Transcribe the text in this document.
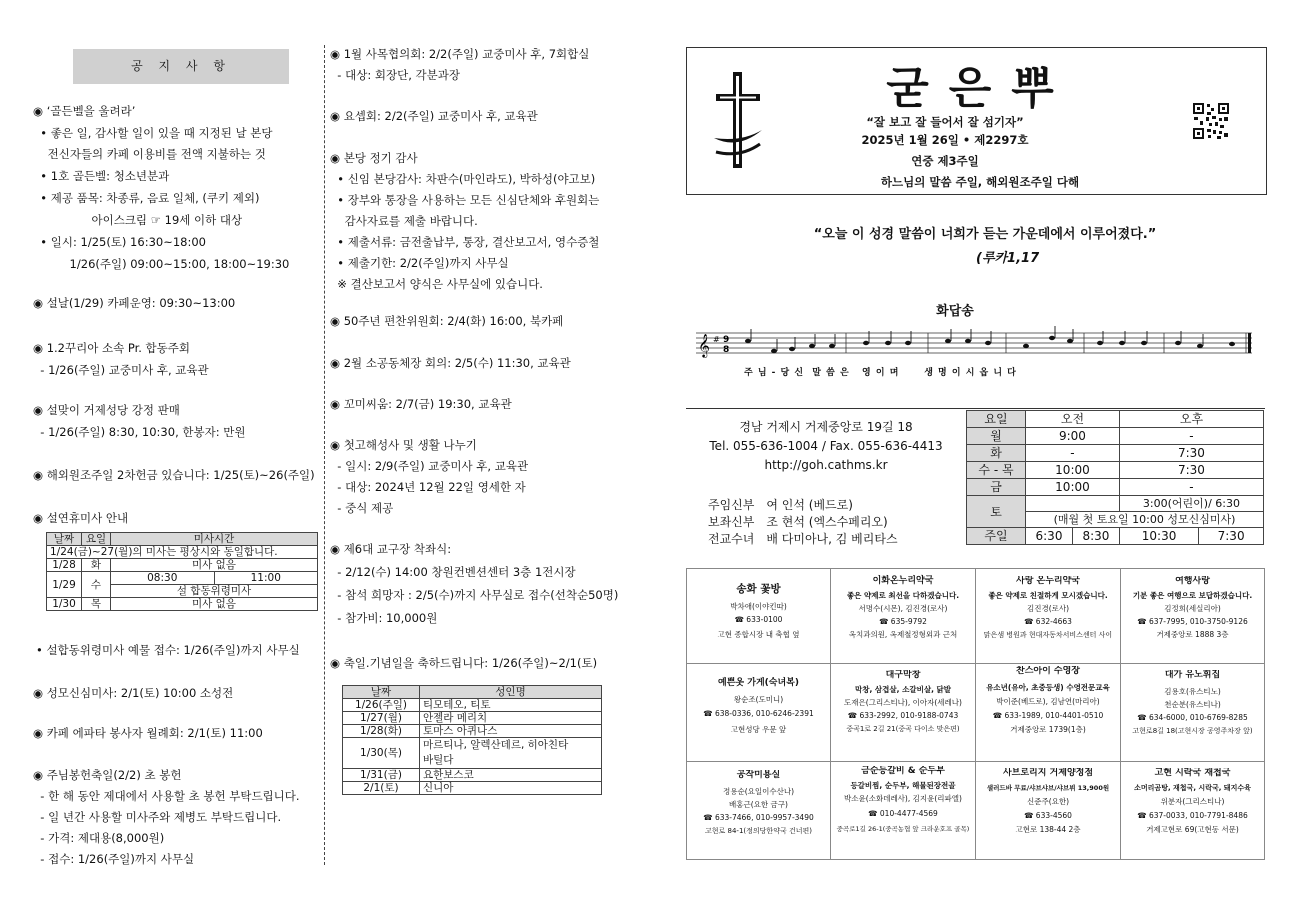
공 지 사 항
◉ ‘골든벨을 울려라’
• 좋은 일, 감사할 일이 있을 때 지정된 날 본당
전신자들의 카페 이용비를 전액 지불하는 것
• 1호 골든벨: 청소년분과
• 제공 품목: 차종류, 음료 일체, (쿠키 제외)
아이스크림 ☞ 19세 이하 대상
• 일시: 1/25(토) 16:30~18:00
1/26(주일) 09:00~15:00, 18:00~19:30
◉ 설날(1/29) 카페운영: 09:30~13:00
◉ 1.2꾸리아 소속 Pr. 합동주회
- 1/26(주일) 교중미사 후, 교육관
◉ 설맞이 거제성당 강정 판매
- 1/26(주일) 8:30, 10:30, 한봉자: 만원
◉ 해외원조주일 2차헌금 있습니다: 1/25(토)~26(주일)
◉ 설연휴미사 안내
날짜	요일	미사시간	
1/24(금)~27(월)의 미사는 평상시와 동일합니다.			
1/28	화	미사 없음	
1/29	수	08:30	11:00
		설 합동위령미사	
1/30	목	미사 없음	
• 설합동위령미사 예물 접수: 1/26(주일)까지 사무실
◉ 성모신심미사: 2/1(토) 10:00 소성전
◉ 카페 에파타 봉사자 월례회: 2/1(토) 11:00
◉ 주님봉헌축일(2/2) 초 봉헌
- 한 해 동안 제대에서 사용할 초 봉헌 부탁드립니다.
- 일 년간 사용할 미사주와 제병도 부탁드립니다.
- 가격: 제대용(8,000원)
- 접수: 1/26(주일)까지 사무실
◉ 1월 사목협의회: 2/2(주일) 교중미사 후, 7회합실
- 대상: 회장단, 각분과장
◉ 요셉회: 2/2(주일) 교중미사 후, 교육관
◉ 본당 정기 감사
• 신임 본당감사: 차판수(마인라도), 박하성(야고보)
• 장부와 통장을 사용하는 모든 신심단체와 후원회는
감사자료를 제출 바랍니다.
• 제출서류: 금전출납부, 통장, 결산보고서, 영수증철
• 제출기한: 2/2(주일)까지 사무실
※ 결산보고서 양식은 사무실에 있습니다.
◉ 50주년 편찬위원회: 2/4(화) 16:00, 북카페
◉ 2월 소공동체장 회의: 2/5(수) 11:30, 교육관
◉ 꼬미씨움: 2/7(금) 19:30, 교육관
◉ 첫고해성사 및 생활 나누기
- 일시: 2/9(주일) 교중미사 후, 교육관
- 대상: 2024년 12월 22일 영세한 자
- 중식 제공
◉ 제6대 교구장 착좌식:
- 2/12(수) 14:00 창원컨벤션센터 3층 1전시장
- 참석 희망자 : 2/5(수)까지 사무실로 접수(선착순50명)
- 참가비: 10,000원
◉ 축일.기념일을 축하드립니다: 1/26(주일)~2/1(토)
날짜	성인명
1/26(주일)	티모테오, 티토
1/27(월)	안젤라 메리치
1/28(화)	토마스 아퀴나스
1/30(목)	마르티나, 알렉산데르, 히아친타
바틸다
1/31(금)	요한보스코
2/1(토)	신니아
굳은뿌
“잘 보고 잘 들어서 잘 섬기자”
2025년 1월 26일 • 제2297호
연중 제3주일
하느님의 말씀 주일, 해외원조주일 다해
“오늘 이 성경 말씀이 너희가 듣는 가운데에서 이루어졌다.”
(루카1,17
화답송
𝄞 # 9
8
주 님 - 당 신  말 씀 은   영 이 며      생 명 이 시 옵 니 다
경남 거제시 거제중앙로 19길 18
Tel. 055-636-1004 / Fax. 055-636-4413
http://goh.cathms.kr
주임신부	여 인석 (베드로)
보좌신부	조 현석 (엑스수페리오)
전교수녀	배 다미아나, 김 베리타스
요일	오전		오후	
월	9:00		-	
화	-		7:30	
수 - 목	10:00		7:30	
금	10:00		-	
토			3:00(어린이)/ 6:30	
	(매월 첫 토요일 10:00 성모신심미사)			
주일	6:30	8:30	10:30	7:30
송화 꽃방
박차애(이야킨따)
☎ 633-0100
고현 종합시장 내 축협 옆
이화온누리약국
좋은 약제로 최선을 다하겠습니다.
서명수(시몬), 김진경(로사)
☎ 635-9792
옥치과의원, 옥제철정형외과 근처
사랑 온누리약국
좋은 약제로 친절하게 모시겠습니다.
김진경(로사)
☎ 632-4663
맑은샘 병원과 현대자동차서비스센터 사이
여행사랑
기분 좋은 여행으로 보답하겠습니다.
김정희(세실리아)
☎ 637-7995, 010-3750-9126
거제중앙로 1888 3층
예쁜옷 가게(숙녀복)
왕순조(도미니)
☎ 638-0336, 010-6246-2391
고현성당 우문 앞
대구막창
막창, 삼겹살, 소갈비살, 닭발
도재은(그리스티나), 이아자(세레나)
☎ 633-2992, 010-9188-0743
중곡1로 2길 21(중곡 다이소 맞은편)
찬스아이 수영장
유소년(유아, 초중등생) 수영전문교육
박이준(베드로), 김남연(마리아)
☎ 633-1989, 010-4401-0510
거제중앙로 1739(1층)
대가 유노휘집
김용호(유스티노)
천순분(유스티나)
☎ 634-6000, 010-6769-8285
고현로8길 18(고현시장 공영주차장 앞)
공작미용실
정용순(요일이수산나)
배홍근(요한 금구)
☎ 633-7466, 010-9957-3490
고현로 84-1(정의당한약국 건너편)
금순등갈비 & 순두부
등갈비찜, 순두부, 해물된장전골
박소윤(소화데레사), 김지윤(리파엘)
☎ 010-4477-4569
중곡로1길 26-1(중곡농협 앞 크라운호프 골목)
사브로리지 거제양정점
샐러드바 무료/샤브샤브/샤브뷔 13,900원
신준주(요한)
☎ 633-4560
고현로 138-44 2층
고현 시락국 재첩국
소머리곰탕, 재첩국, 시락국, 돼지수육
위분자(그리스티나)
☎ 637-0033, 010-7791-8486
거제고현로 69(고현동 서문)
